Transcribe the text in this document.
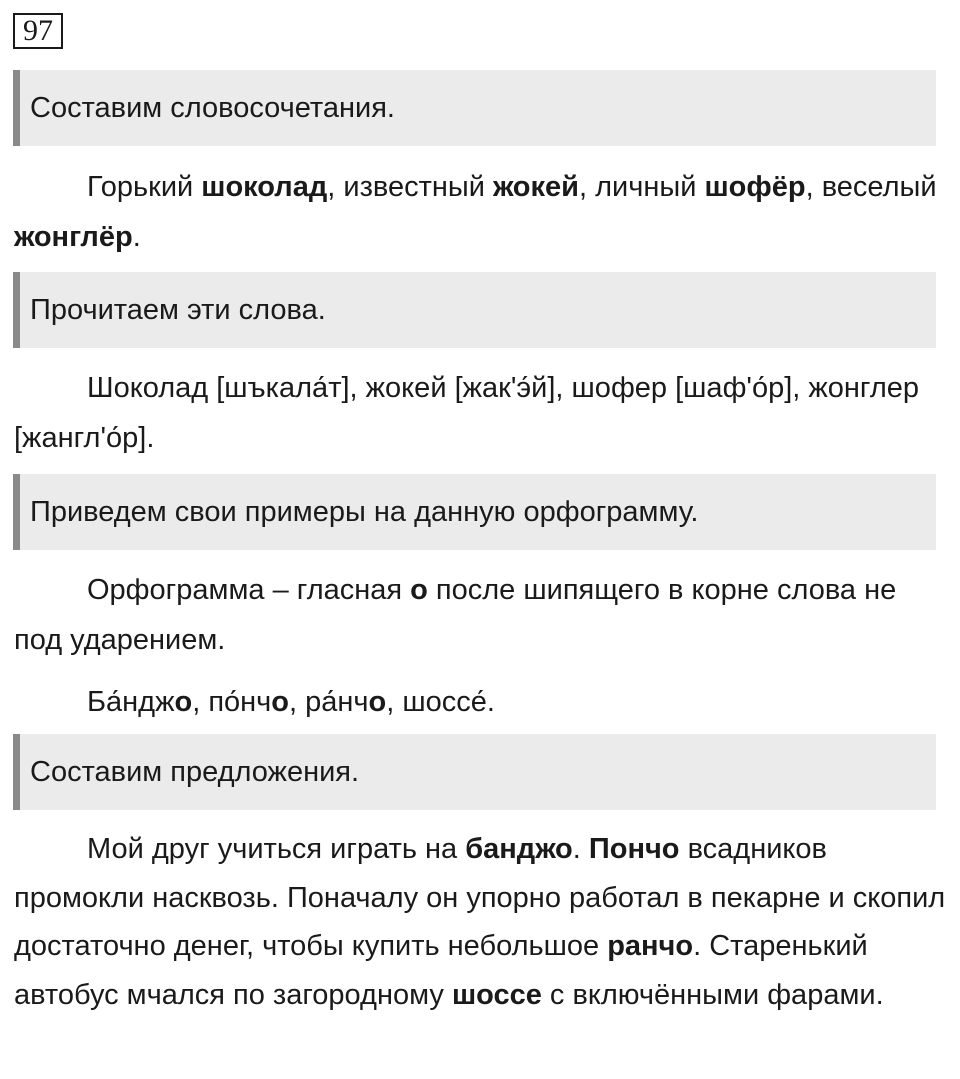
97
Составим словосочетания.

Горький шоколад, известный жокей, личный шофёр, веселый жонглёр.

Прочитаем эти слова.

Шоколад [шъкала́т], жокей [жак'э́й], шофер [шаф'о́р], жонглер [жангл'о́р].

Приведем свои примеры на данную орфограмму.

Орфограмма – гласная о после шипящего в корне слова не под ударением.

Ба́нджо, по́нчо, ра́нчо, шоссе́.

Составим предложения.

Мой друг учиться играть на банджо. Пончо всадников промокли насквозь. Поначалу он упорно работал в пекарне и скопил достаточно денег, чтобы купить небольшое ранчо. Старенький автобус мчался по загородному шоссе с включёнными фарами.
